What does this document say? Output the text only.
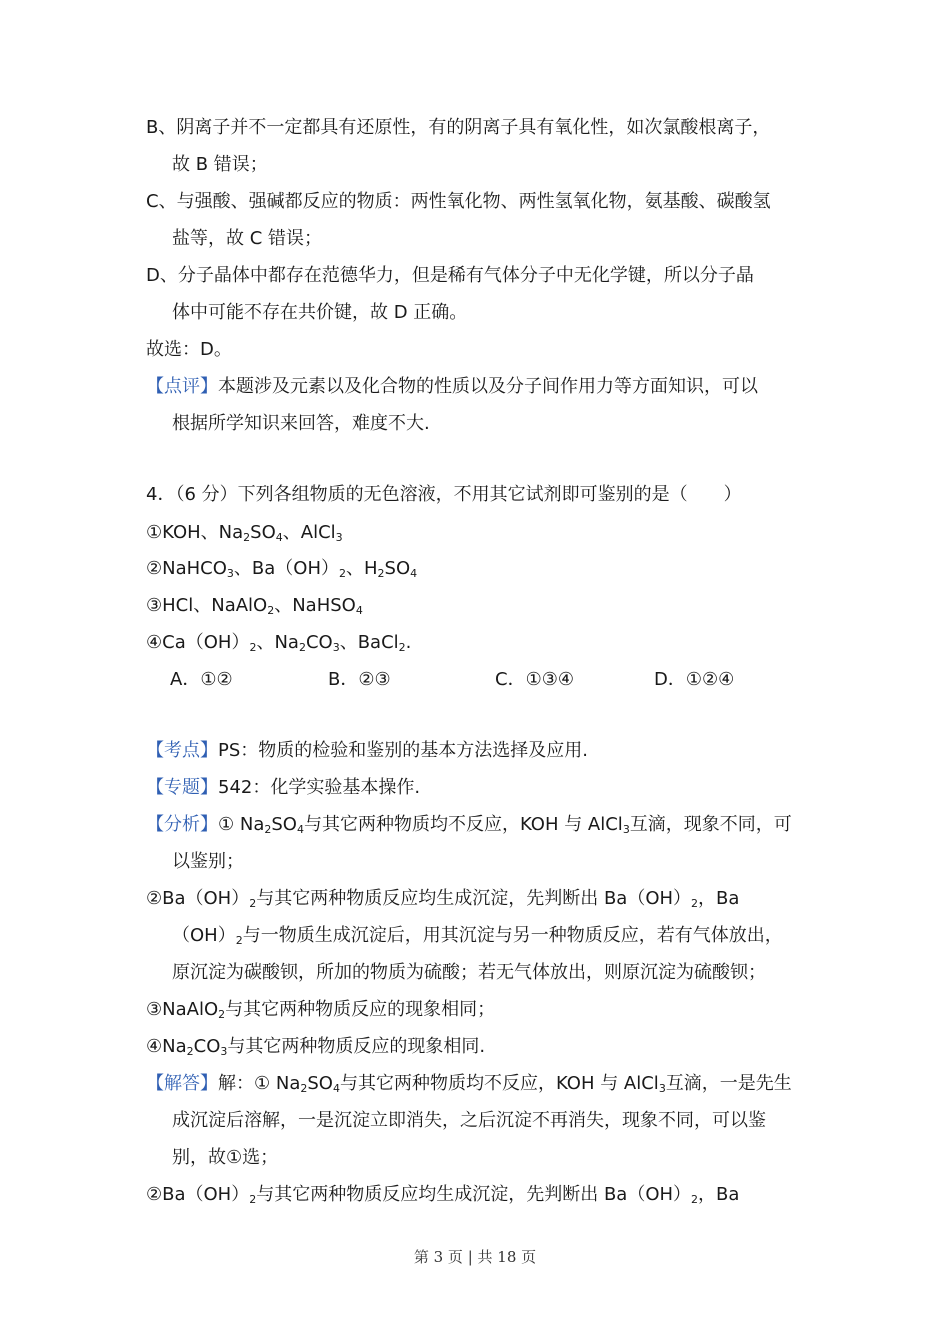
B、阴离子并不一定都具有还原性，有的阴离子具有氧化性，如次氯酸根离子，
故 B 错误；
C、与强酸、强碱都反应的物质：两性氧化物、两性氢氧化物，氨基酸、碳酸氢
盐等，故 C 错误；
D、分子晶体中都存在范德华力，但是稀有气体分子中无化学键，所以分子晶
体中可能不存在共价键，故 D 正确。
故选：D。
【点评】本题涉及元素以及化合物的性质以及分子间作用力等方面知识，可以
根据所学知识来回答，难度不大.
4．（6 分）下列各组物质的无色溶液，不用其它试剂即可鉴别的是（　　）
①KOH、$Na_2SO_4$、AlCl$_3$
②NaHCO$_3$、$Ba(OH)_2$、$H_2SO_4$
③HCl、NaAlO$_2$、NaHSO$_4$
$④Ca(OH)_2$、$Na_2CO_3$、BaCl$_2$.
A．①②	B．②③	C．①③④	D．①②④
【考点】PS：物质的检验和鉴别的基本方法选择及应用.
【专题】542：化学实验基本操作.
【分析】① $Na_2SO_4$与其它两种物质均不反应，KOH 与 AlCl$_3$互滴，现象不同，可
以鉴别；
$②Ba(OH)_2$与其它两种物质反应均生成沉淀，先判断出 $Ba(OH)_2$，Ba
$(OH)_2$与一物质生成沉淀后，用其沉淀与另一种物质反应，若有气体放出，
原沉淀为碳酸钡，所加的物质为硫酸；若无气体放出，则原沉淀为硫酸钡；
③NaAlO$_2$与其它两种物质反应的现象相同；
$④Na_2CO_3$与其它两种物质反应的现象相同.
【解答】解：① $Na_2SO_4$与其它两种物质均不反应，KOH 与 AlCl$_3$互滴，一是先生
成沉淀后溶解，一是沉淀立即消失，之后沉淀不再消失，现象不同，可以鉴
别，故①选；
$②Ba(OH)_2$与其它两种物质反应均生成沉淀，先判断出 $Ba(OH)_2$，Ba
第 3 页 | 共 18 页
